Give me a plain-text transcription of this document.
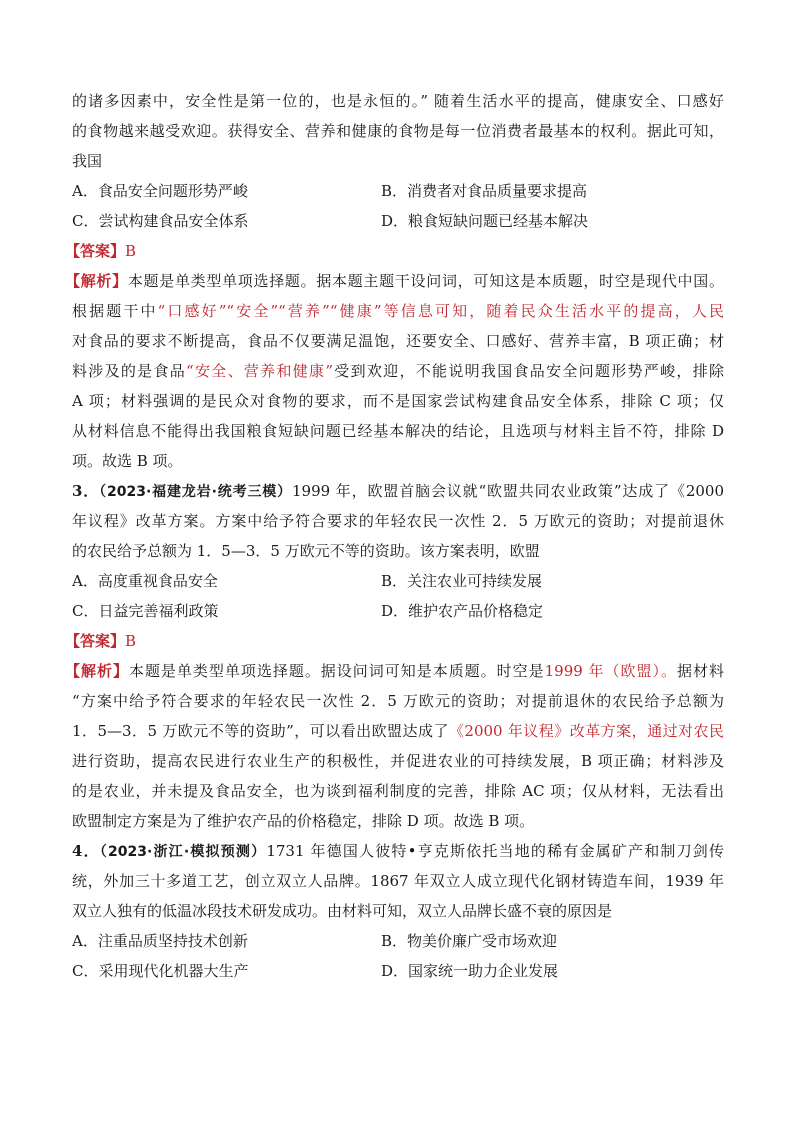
的诸多因素中，安全性是第一位的，也是永恒的。” 随着生活水平的提高，健康安全、口感好
的食物越来越受欢迎。获得安全、营养和健康的食物是每一位消费者最基本的权利。据此可知，
我国
A．食品安全问题形势严峻	B．消费者对食品质量要求提高
C．尝试构建食品安全体系	D．粮食短缺问题已经基本解决
【答案】B
【解析】本题是单类型单项选择题。据本题主题干设问词，可知这是本质题，时空是现代中国。
根据题干中“口感好”“安全”“营养”“健康”等信息可知，随着民众生活水平的提高，人民
对食品的要求不断提高，食品不仅要满足温饱，还要安全、口感好、营养丰富，B 项正确；材
料涉及的是食品“安全、营养和健康”受到欢迎，不能说明我国食品安全问题形势严峻，排除
A 项；材料强调的是民众对食物的要求，而不是国家尝试构建食品安全体系，排除 C 项；仅
从材料信息不能得出我国粮食短缺问题已经基本解决的结论，且选项与材料主旨不符，排除 D
项。故选 B 项。
3．（2023·福建龙岩·统考三模）1999 年，欧盟首脑会议就“欧盟共同农业政策”达成了《2000
年议程》改革方案。方案中给予符合要求的年轻农民一次性 2．5 万欧元的资助；对提前退休
的农民给予总额为 1．5—3．5 万欧元不等的资助。该方案表明，欧盟
A．高度重视食品安全	B．关注农业可持续发展
C．日益完善福利政策	D．维护农产品价格稳定
【答案】B
【解析】本题是单类型单项选择题。据设问词可知是本质题。时空是1999 年（欧盟）。据材料
“方案中给予符合要求的年轻农民一次性 2．5 万欧元的资助；对提前退休的农民给予总额为
1．5—3．5 万欧元不等的资助”，可以看出欧盟达成了《2000 年议程》改革方案，通过对农民
进行资助，提高农民进行农业生产的积极性，并促进农业的可持续发展，B 项正确；材料涉及
的是农业，并未提及食品安全，也为谈到福利制度的完善，排除 AC 项；仅从材料，无法看出
欧盟制定方案是为了维护农产品的价格稳定，排除 D 项。故选 B 项。
4．（2023·浙江·模拟预测）1731 年德国人彼特•亨克斯依托当地的稀有金属矿产和制刀剑传
统，外加三十多道工艺，创立双立人品牌。1867 年双立人成立现代化钢材铸造车间，1939 年
双立人独有的低温冰段技术研发成功。由材料可知，双立人品牌长盛不衰的原因是
A．注重品质坚持技术创新	B．物美价廉广受市场欢迎
C．采用现代化机器大生产	D．国家统一助力企业发展
